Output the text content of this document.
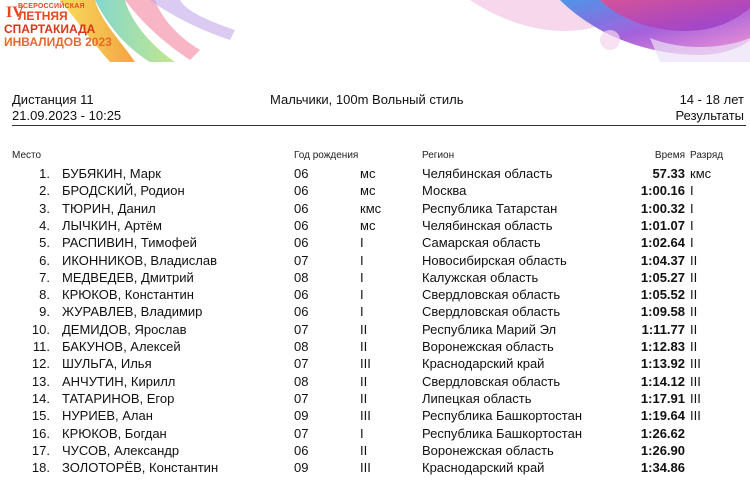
IV
ВСЕРОССИЙСКАЯ
ЛЕТНЯЯ
СПАРТАКИАДА
ИНВАЛИДОВ 2023
Дистанция 11
21.09.2023 - 10:25
Мальчики, 100m Вольный стиль	14 - 18 лет
Результаты
Место	Год рождения	Регион	Время Разряд
1. БУБЯКИН, Марк	06	мс	Челябинская область	57.33 кмс
2. БРОДСКИЙ, Родион	06	мс	Москва	1:00.16 I
3. ТЮРИН, Данил	06	кмс	Республика Татарстан	1:00.32 I
4. ЛЫЧКИН, Артём	06	мс	Челябинская область	1:01.07 I
5. РАСПИВИН, Тимофей	06	I	Самарская область	1:02.64 I
6. ИКОННИКОВ, Владислав	07	I	Новосибирская область	1:04.37 II
7. МЕДВЕДЕВ, Дмитрий	08	I	Калужская область	1:05.27 II
8. КРЮКОВ, Константин	06	I	Свердловская область	1:05.52 II
9. ЖУРАВЛЕВ, Владимир	06	I	Свердловская область	1:09.58 II
10. ДЕМИДОВ, Ярослав	07	II	Республика Марий Эл	1:11.77 II
11. БАКУНОВ, Алексей	08	II	Воронежская область	1:12.83 II
12. ШУЛЬГА, Илья	07	III	Краснодарский край	1:13.92 III
13. АНЧУТИН, Кирилл	08	II	Свердловская область	1:14.12 III
14. ТАТАРИНОВ, Егор	07	II	Липецкая область	1:17.91 III
15. НУРИЕВ, Алан	09	III	Республика Башкортостан	1:19.64 III
16. КРЮКОВ, Богдан	07	I	Республика Башкортостан	1:26.62
17. ЧУСОВ, Александр	06	II	Воронежская область	1:26.90
18. ЗОЛОТОРЁВ, Константин	09	III	Краснодарский край	1:34.86
